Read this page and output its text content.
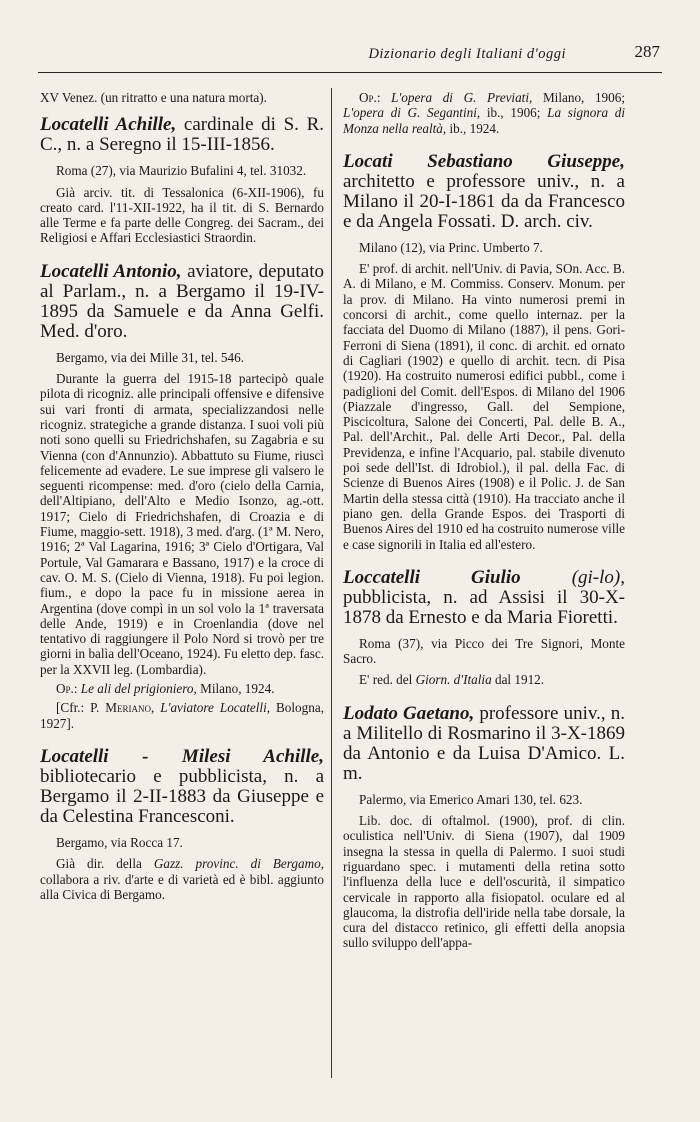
Dizionario degli Italiani d'oggi	287

XV Venez. (un ritratto e una natura morta).

Locatelli Achille, cardinale di S. R. C., n. a Seregno il 15-III-1856.

Roma (27), via Maurizio Bufalini 4, tel. 31032.

Già arciv. tit. di Tessalonica (6-XII-1906), fu creato card. l'11-XII-1922, ha il tit. di S. Bernardo alle Terme e fa parte delle Congreg. dei Sacram., dei Religiosi e Affari Ecclesiastici Straordin.

Locatelli Antonio, aviatore, deputato al Parlam., n. a Bergamo il 19-IV-1895 da Samuele e da Anna Gelfi. Med. d'oro.

Bergamo, via dei Mille 31, tel. 546.

Durante la guerra del 1915-18 partecipò quale pilota di ricogniz. alle principali offensive e difensive sui vari fronti di armata, specializzandosi nelle ricogniz. strategiche a grande distanza. I suoi voli più noti sono quelli su Friedrichshafen, su Zagabria e su Vienna (con d'Annunzio). Abbattuto su Fiume, riuscì felicemente ad evadere. Le sue imprese gli valsero le seguenti ricompense: med. d'oro (cielo della Carnia, dell'Altipiano, dell'Alto e Medio Isonzo, ag.-ott. 1917; Cielo di Friedrichshafen, di Croazia e di Fiume, maggio-sett. 1918), 3 med. d'arg. (1ª M. Nero, 1916; 2ª Val Lagarina, 1916; 3ª Cielo d'Ortigara, Val Portule, Val Gamarara e Bassano, 1917) e la croce di cav. O. M. S. (Cielo di Vienna, 1918). Fu poi legion. fium., e dopo la pace fu in missione aerea in Argentina (dove compì in un sol volo la 1ª traversata delle Ande, 1919) e in Croenlandia (dove nel tentativo di raggiungere il Polo Nord si trovò per tre giorni in balìa dell'Oceano, 1924). Fu eletto dep. fasc. per la XXVII leg. (Lombardia).

Op.: Le ali del prigioniero, Milano, 1924.

[Cfr.: P. Meriano, L'aviatore Locatelli, Bologna, 1927].

Locatelli - Milesi Achille, bibliotecario e pubblicista, n. a Bergamo il 2-II-1883 da Giuseppe e da Celestina Francesconi.

Bergamo, via Rocca 17.

Già dir. della Gazz. provinc. di Bergamo, collabora a riv. d'arte e di varietà ed è bibl. aggiunto alla Civica di Bergamo.

Op.: L'opera di G. Previati, Milano, 1906; L'opera di G. Segantini, ib., 1906; La signora di Monza nella realtà, ib., 1924.

Locati Sebastiano Giuseppe, architetto e professore univ., n. a Milano il 20-I-1861 da da Francesco e da Angela Fossati. D. arch. civ.

Milano (12), via Princ. Umberto 7.

E' prof. di archit. nell'Univ. di Pavia, SOn. Acc. B. A. di Milano, e M. Commiss. Conserv. Monum. per la prov. di Milano. Ha vinto numerosi premi in concorsi di archit., come quello internaz. per la facciata del Duomo di Milano (1887), il pens. Gori-Ferroni di Siena (1891), il conc. di archit. ed ornato di Cagliari (1902) e quello di archit. tecn. di Pisa (1920). Ha costruito numerosi edifici pubbl., come i padiglioni del Comit. dell'Espos. di Milano del 1906 (Piazzale d'ingresso, Gall. del Sempione, Piscicoltura, Salone dei Concerti, Pal. delle B. A., Pal. dell'Archit., Pal. delle Arti Decor., Pal. della Previdenza, e infine l'Acquario, pal. stabile divenuto poi sede dell'Ist. di Idrobiol.), il pal. della Fac. di Scienze di Buenos Aires (1908) e il Polic. J. de San Martin della stessa città (1910). Ha tracciato anche il piano gen. della Grande Espos. dei Trasporti di Buenos Aires del 1910 ed ha costruito numerose ville e case signorili in Italia ed all'estero.

Loccatelli Giulio (gi-lo), pubblicista, n. ad Assisi il 30-X-1878 da Ernesto e da Maria Fioretti.

Roma (37), via Picco dei Tre Signori, Monte Sacro.

E' red. del Giorn. d'Italia dal 1912.

Lodato Gaetano, professore univ., n. a Militello di Rosmarino il 3-X-1869 da Antonio e da Luisa D'Amico. L. m.

Palermo, via Emerico Amari 130, tel. 623.

Lib. doc. di oftalmol. (1900), prof. di clin. oculistica nell'Univ. di Siena (1907), dal 1909 insegna la stessa in quella di Palermo. I suoi studi riguardano spec. i mutamenti della retina sotto l'influenza della luce e dell'oscurità, il simpatico cervicale in rapporto alla fisiopatol. oculare ed al glaucoma, la distrofia dell'iride nella tabe dorsale, la cura del distacco retinico, gli effetti della anopsia sullo sviluppo dell'appa-
